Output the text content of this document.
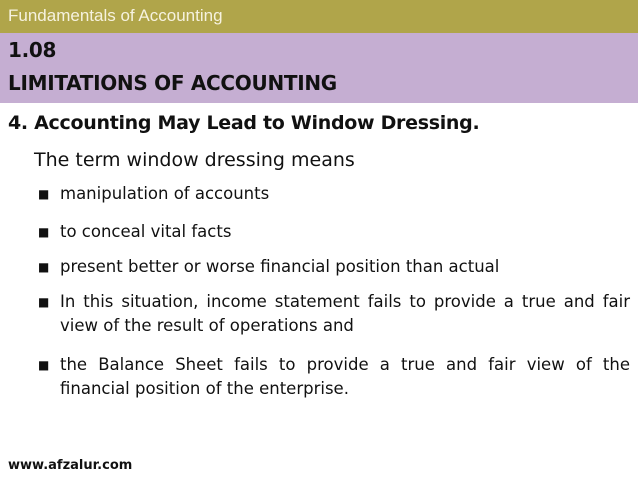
Fundamentals of Accounting
1.08
LIMITATIONS OF ACCOUNTING
4. Accounting May Lead to Window Dressing.
The term window dressing means
■ manipulation of accounts
■ to conceal vital facts
■ present better or worse financial position than actual
■ In this situation, income statement fails to provide a true and fair view of the result of operations and
■ the Balance Sheet fails to provide a true and fair view of the financial position of the enterprise.
www.afzalur.com
